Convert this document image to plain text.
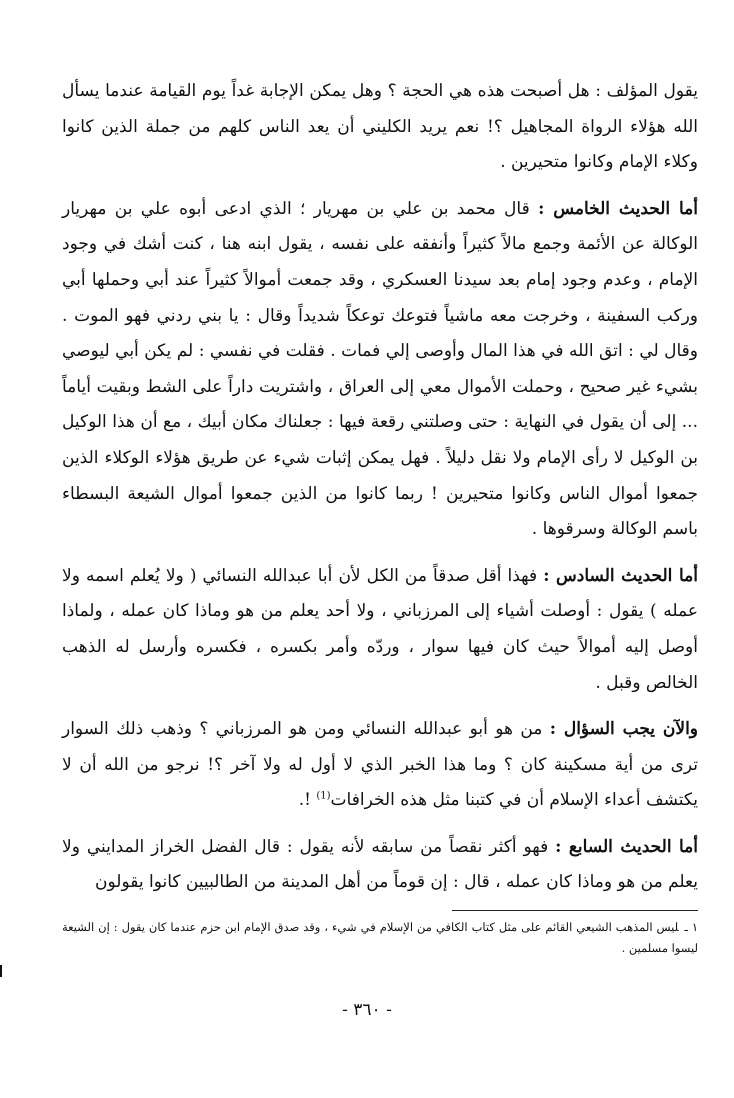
يقول المؤلف : هل أصبحت هذه هي الحجة ؟ وهل يمكن الإجابة غداً يوم القيامة عندما يسأل الله هؤلاء الرواة المجاهيل ؟! نعم يريد الكليني أن يعد الناس كلهم من جملة الذين كانوا وكلاء الإمام وكانوا متحيرين .

أما الحديث الخامس : قال محمد بن علي بن مهريار ؛ الذي ادعى أبوه علي بن مهريار الوكالة عن الأئمة وجمع مالاً كثيراً وأنفقه على نفسه ، يقول ابنه هنا ، كنت أشك في وجود الإمام ، وعدم وجود إمام بعد سيدنا العسكري ، وقد جمعت أموالاً كثيراً عند أبي وحملها أبي وركب السفينة ، وخرجت معه ماشياً فتوعك توعكاً شديداً وقال : يا بني ردني فهو الموت . وقال لي : اتق الله في هذا المال وأوصى إلي فمات . فقلت في نفسي : لم يكن أبي ليوصي بشيء غير صحيح ، وحملت الأموال معي إلى العراق ، واشتريت داراً على الشط وبقيت أياماً ... إلى أن يقول في النهاية : حتى وصلتني رقعة فيها : جعلناك مكان أبيك ، مع أن هذا الوكيل بن الوكيل لا رأى الإمام ولا نقل دليلاً . فهل يمكن إثبات شيء عن طريق هؤلاء الوكلاء الذين جمعوا أموال الناس وكانوا متحيرين ! ربما كانوا من الذين جمعوا أموال الشيعة البسطاء باسم الوكالة وسرقوها .

أما الحديث السادس : فهذا أقل صدقاً من الكل لأن أبا عبدالله النسائي ( ولا يُعلم اسمه ولا عمله ) يقول : أوصلت أشياء إلى المرزباني ، ولا أحد يعلم من هو وماذا كان عمله ، ولماذا أوصل إليه أموالاً حيث كان فيها سوار ، وردّه وأمر بكسره ، فكسره وأرسل له الذهب الخالص وقبل .

والآن يجب السؤال : من هو أبو عبدالله النسائي ومن هو المرزباني ؟ وذهب ذلك السوار ترى من أية مسكينة كان ؟ وما هذا الخبر الذي لا أول له ولا آخر ؟! نرجو من الله أن لا يكتشف أعداء الإسلام أن في كتبنا مثل هذه الخرافات$^{(1)}$ !.

أما الحديث السابع : فهو أكثر نقصاً من سابقه لأنه يقول : قال الفضل الخراز المدايني ولا يعلم من هو وماذا كان عمله ، قال : إن قوماً من أهل المدينة من الطالبيين كانوا يقولون

١ ـليس المذهب الشيعي القائم على مثل كتاب الكافي من الإسلام في شيء ، وقد صدق الإمام ابن حزم عندما كان يقول : إن الشيعة ليسوا مسلمين .
- ٣٦٠ -
